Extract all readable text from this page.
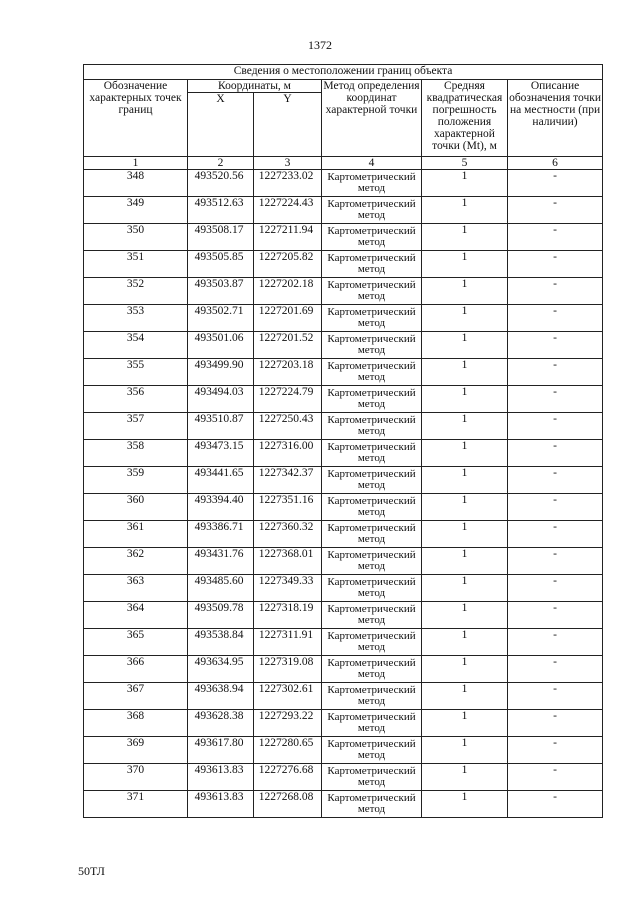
1372
Сведения о местоположении границ объекта					
Обозначение характерных точек границ	Координаты, м		Метод определения координат характерной точки	Средняя квадратическая погрешность положения характерной точки (Mt), м	Описание обозначения точки на местности (при наличии)
	X	Y			
1	2	3	4	5	6
348	493520.56	1227233.02	Картометрический метод	1	-
349	493512.63	1227224.43	Картометрический метод	1	-
350	493508.17	1227211.94	Картометрический метод	1	-
351	493505.85	1227205.82	Картометрический метод	1	-
352	493503.87	1227202.18	Картометрический метод	1	-
353	493502.71	1227201.69	Картометрический метод	1	-
354	493501.06	1227201.52	Картометрический метод	1	-
355	493499.90	1227203.18	Картометрический метод	1	-
356	493494.03	1227224.79	Картометрический метод	1	-
357	493510.87	1227250.43	Картометрический метод	1	-
358	493473.15	1227316.00	Картометрический метод	1	-
359	493441.65	1227342.37	Картометрический метод	1	-
360	493394.40	1227351.16	Картометрический метод	1	-
361	493386.71	1227360.32	Картометрический метод	1	-
362	493431.76	1227368.01	Картометрический метод	1	-
363	493485.60	1227349.33	Картометрический метод	1	-
364	493509.78	1227318.19	Картометрический метод	1	-
365	493538.84	1227311.91	Картометрический метод	1	-
366	493634.95	1227319.08	Картометрический метод	1	-
367	493638.94	1227302.61	Картометрический метод	1	-
368	493628.38	1227293.22	Картометрический метод	1	-
369	493617.80	1227280.65	Картометрический метод	1	-
370	493613.83	1227276.68	Картометрический метод	1	-
371	493613.83	1227268.08	Картометрический метод	1	-
50ТЛ
